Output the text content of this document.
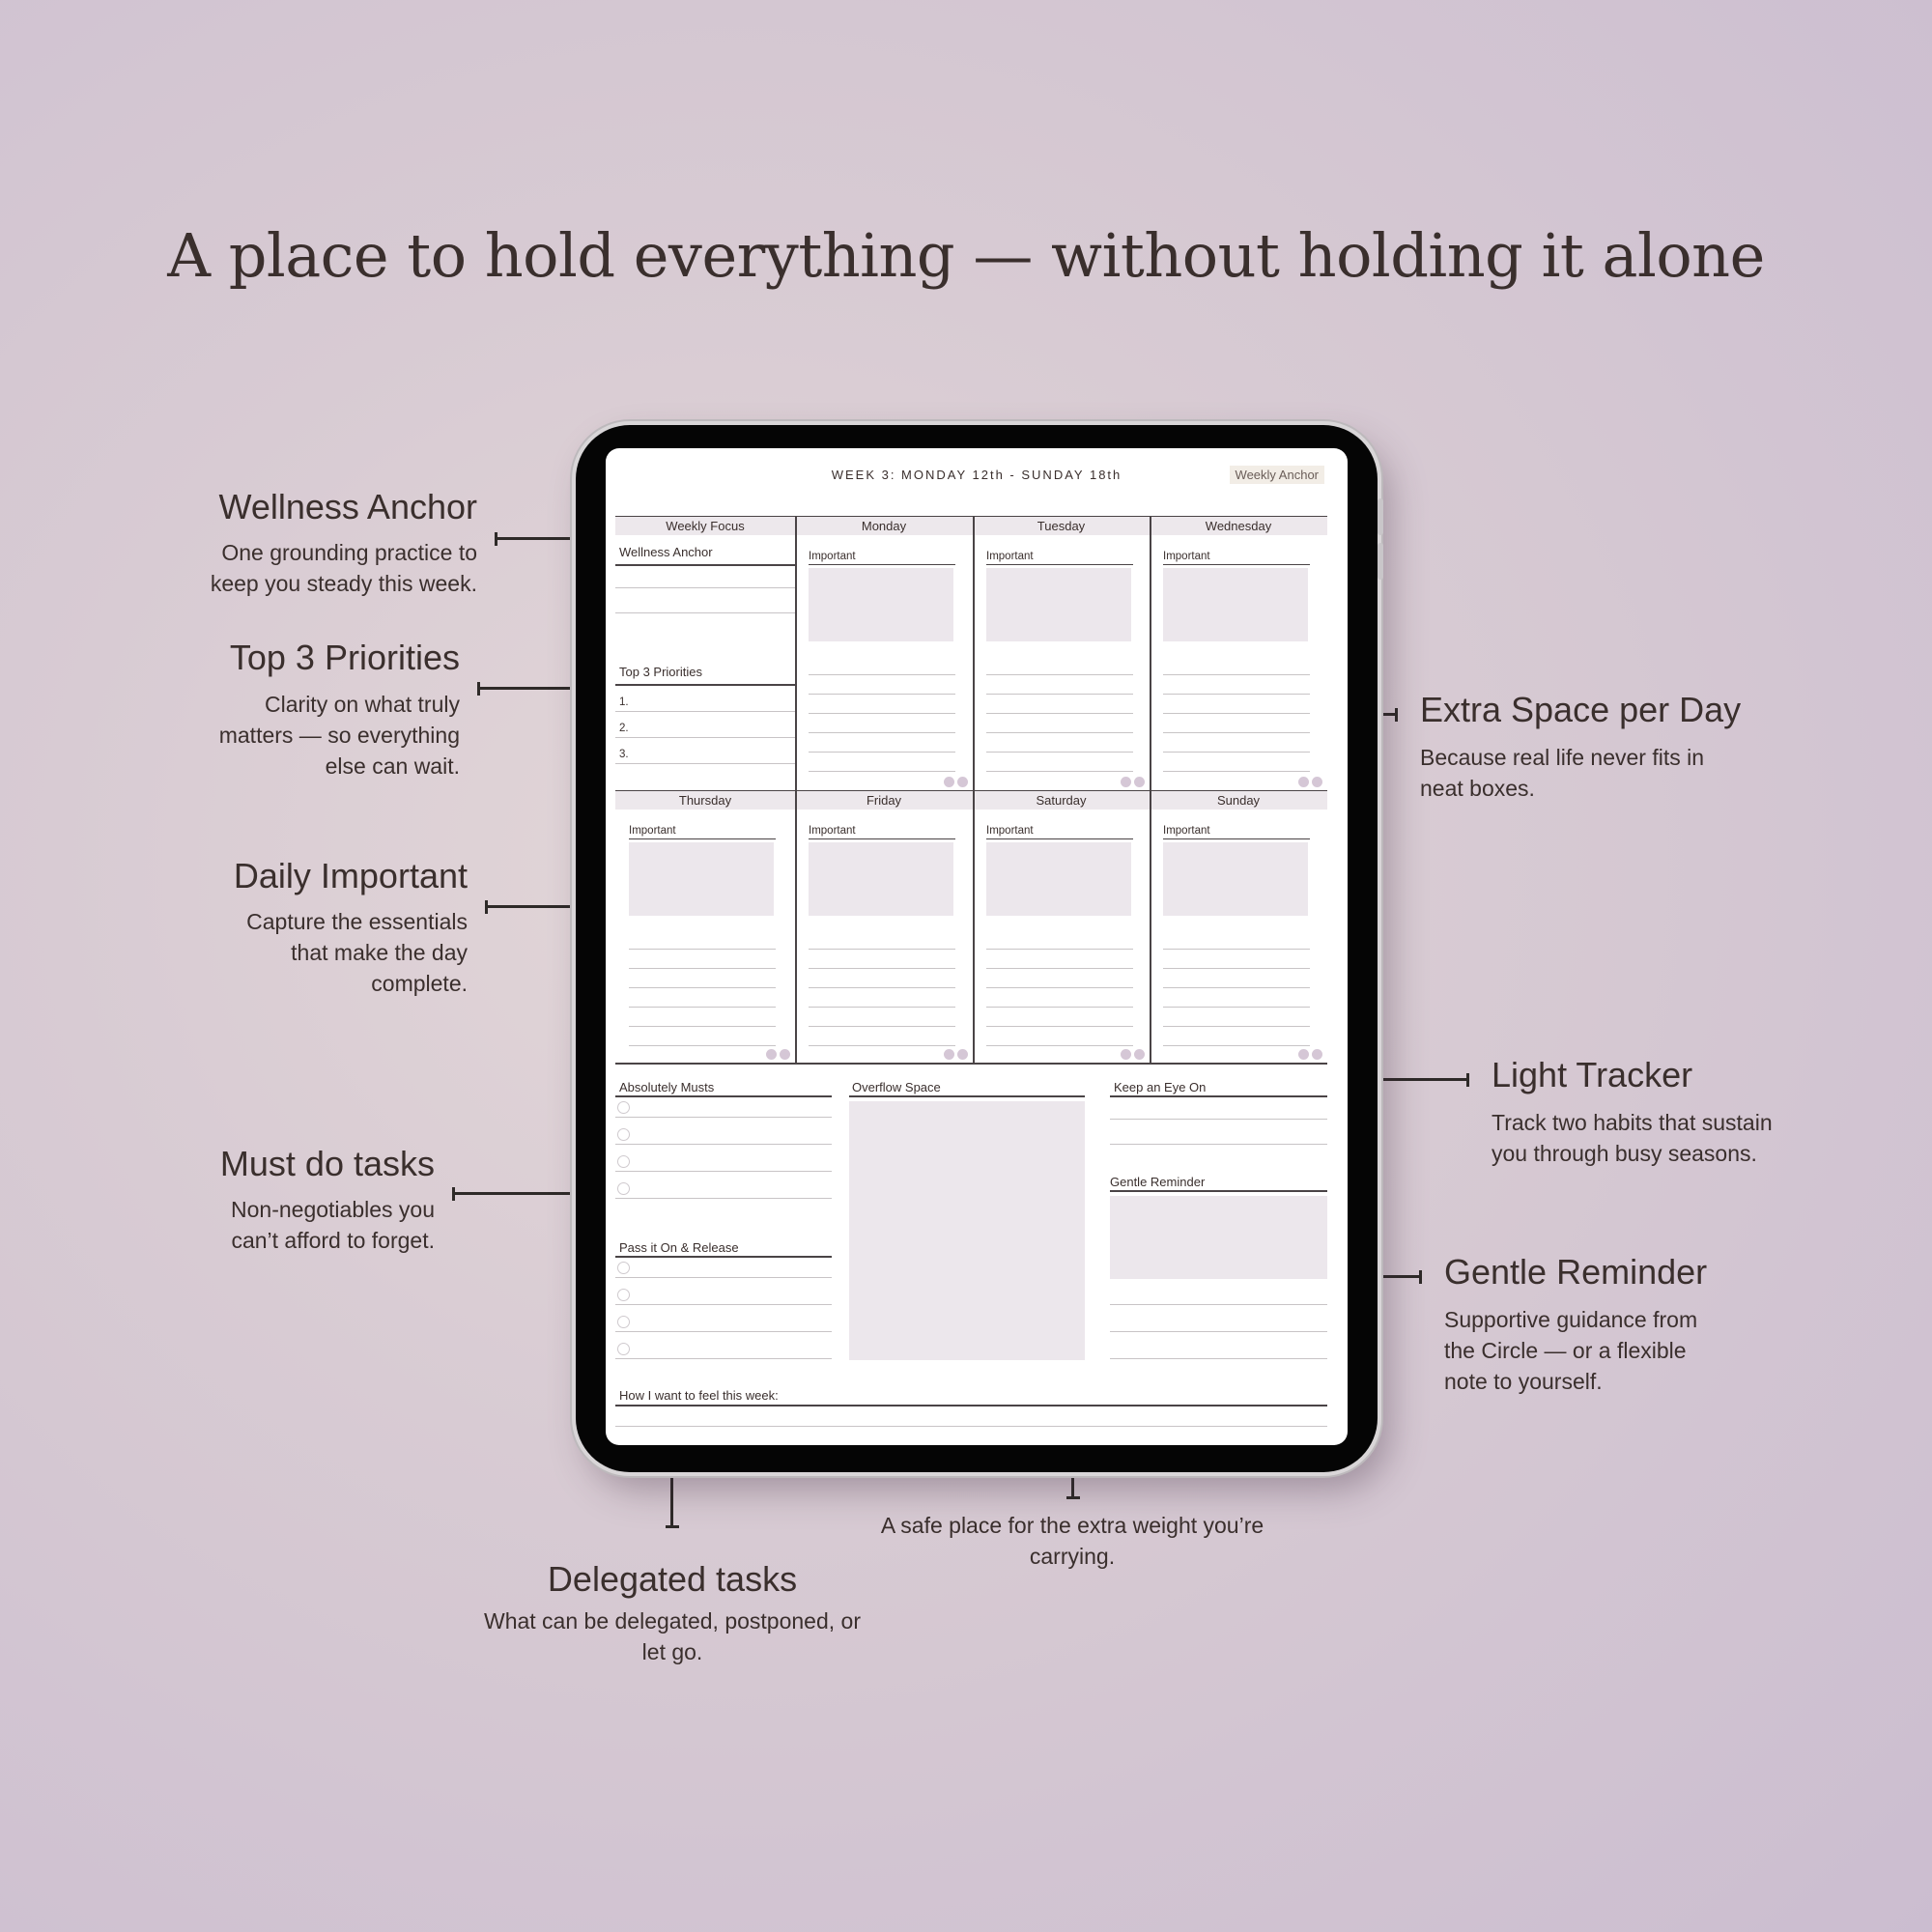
A place to hold everything — without holding it alone
Wellness Anchor
One grounding practice to keep you steady this week.
Top 3 Priorities
Clarity on what truly matters — so everything else can wait.
Daily Important
Capture the essentials that make the day complete.
Must do tasks
Non-negotiables you can’t afford to forget.
Delegated tasks
What can be delegated, postponed, or let go.
A safe place for the extra weight you’re carrying.
Extra Space per Day
Because real life never fits in neat boxes.
Light Tracker
Track two habits that sustain you through busy seasons.
Gentle Reminder
Supportive guidance from the Circle — or a flexible note to yourself.
WEEK 3: MONDAY 12th - SUNDAY 18th	Weekly Anchor
Weekly Focus	Monday	Tuesday	Wednesday
Important	Important	Important
Thursday	Friday	Saturday	Sunday
Important	Important	Important	Important
Wellness Anchor
Top 3 Priorities
1.
2.
3.
Absolutely Musts
Pass it On & Release
Overflow Space	Keep an Eye On
Gentle Reminder
How I want to feel this week:
